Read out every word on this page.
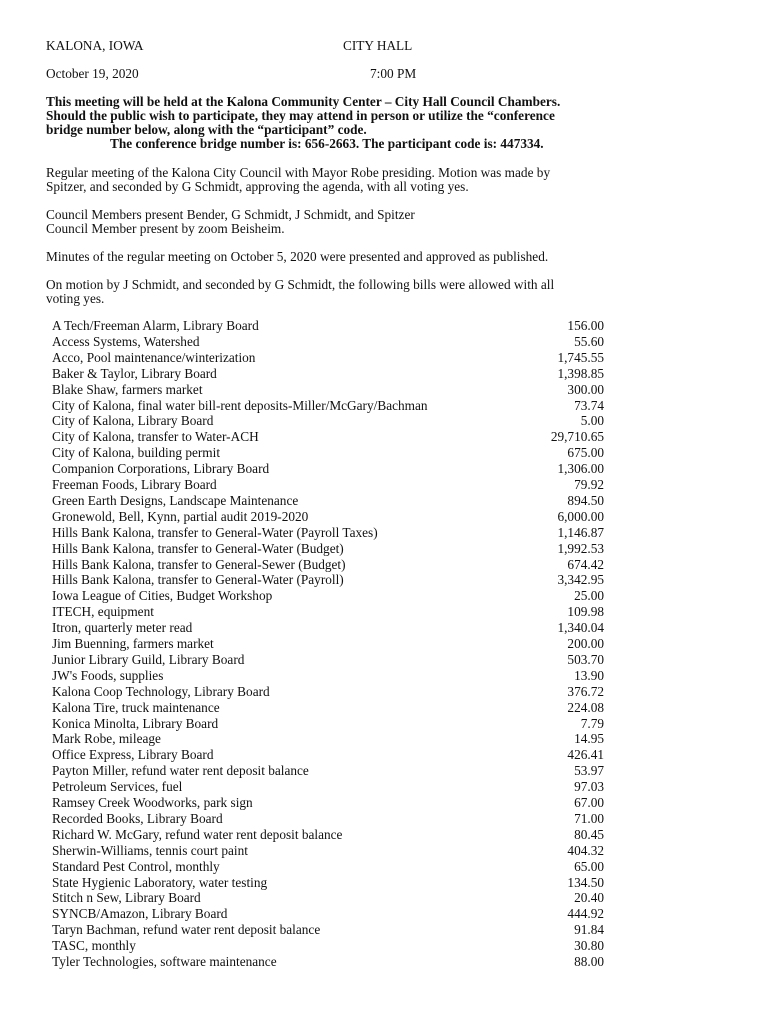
KALONA, IOWA	CITY HALL
October 19, 2020	7:00 PM
This meeting will be held at the Kalona Community Center – City Hall Council Chambers.
Should the public wish to participate, they may attend in person or utilize the “conference
bridge number below, along with the “participant” code.
The conference bridge number is: 656-2663. The participant code is: 447334.
Regular meeting of the Kalona City Council with Mayor Robe presiding. Motion was made by
Spitzer, and seconded by G Schmidt, approving the agenda, with all voting yes.
Council Members present Bender, G Schmidt, J Schmidt, and Spitzer
Council Member present by zoom Beisheim.
Minutes of the regular meeting on October 5, 2020 were presented and approved as published.
On motion by J Schmidt, and seconded by G Schmidt, the following bills were allowed with all
voting yes.
A Tech/Freeman Alarm, Library Board	156.00
Access Systems, Watershed	55.60
Acco, Pool maintenance/winterization	1,745.55
Baker & Taylor, Library Board	1,398.85
Blake Shaw, farmers market	300.00
City of Kalona, final water bill-rent deposits-Miller/McGary/Bachman	73.74
City of Kalona, Library Board	5.00
City of Kalona, transfer to Water-ACH	29,710.65
City of Kalona, building permit	675.00
Companion Corporations, Library Board	1,306.00
Freeman Foods, Library Board	79.92
Green Earth Designs, Landscape Maintenance	894.50
Gronewold, Bell, Kynn, partial audit 2019-2020	6,000.00
Hills Bank Kalona, transfer to General-Water (Payroll Taxes)	1,146.87
Hills Bank Kalona, transfer to General-Water (Budget)	1,992.53
Hills Bank Kalona, transfer to General-Sewer (Budget)	674.42
Hills Bank Kalona, transfer to General-Water (Payroll)	3,342.95
Iowa League of Cities, Budget Workshop	25.00
ITECH, equipment	109.98
Itron, quarterly meter read	1,340.04
Jim Buenning, farmers market	200.00
Junior Library Guild, Library Board	503.70
JW's Foods, supplies	13.90
Kalona Coop Technology, Library Board	376.72
Kalona Tire, truck maintenance	224.08
Konica Minolta, Library Board	7.79
Mark Robe, mileage	14.95
Office Express, Library Board	426.41
Payton Miller, refund water rent deposit balance	53.97
Petroleum Services, fuel	97.03
Ramsey Creek Woodworks, park sign	67.00
Recorded Books, Library Board	71.00
Richard W. McGary, refund water rent deposit balance	80.45
Sherwin-Williams, tennis court paint	404.32
Standard Pest Control, monthly	65.00
State Hygienic Laboratory, water testing	134.50
Stitch n Sew, Library Board	20.40
SYNCB/Amazon, Library Board	444.92
Taryn Bachman, refund water rent deposit balance	91.84
TASC, monthly	30.80
Tyler Technologies, software maintenance	88.00
